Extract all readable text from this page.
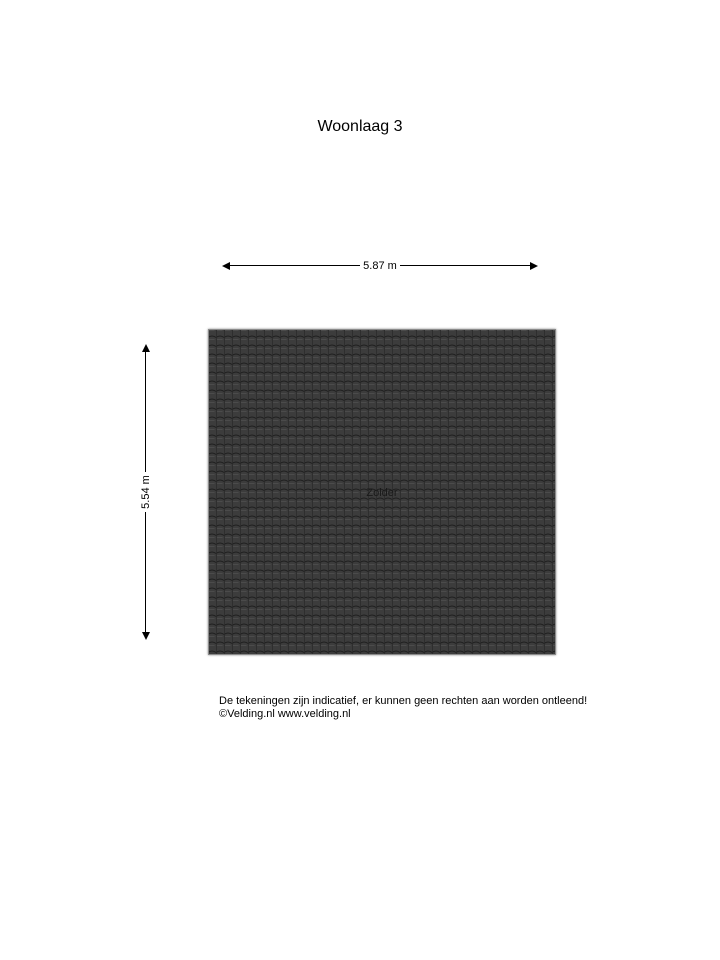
Woonlaag 3
5.87 m
5.54 m	Zolder
De tekeningen zijn indicatief, er kunnen geen rechten aan worden ontleend!
©Velding.nl www.velding.nl
